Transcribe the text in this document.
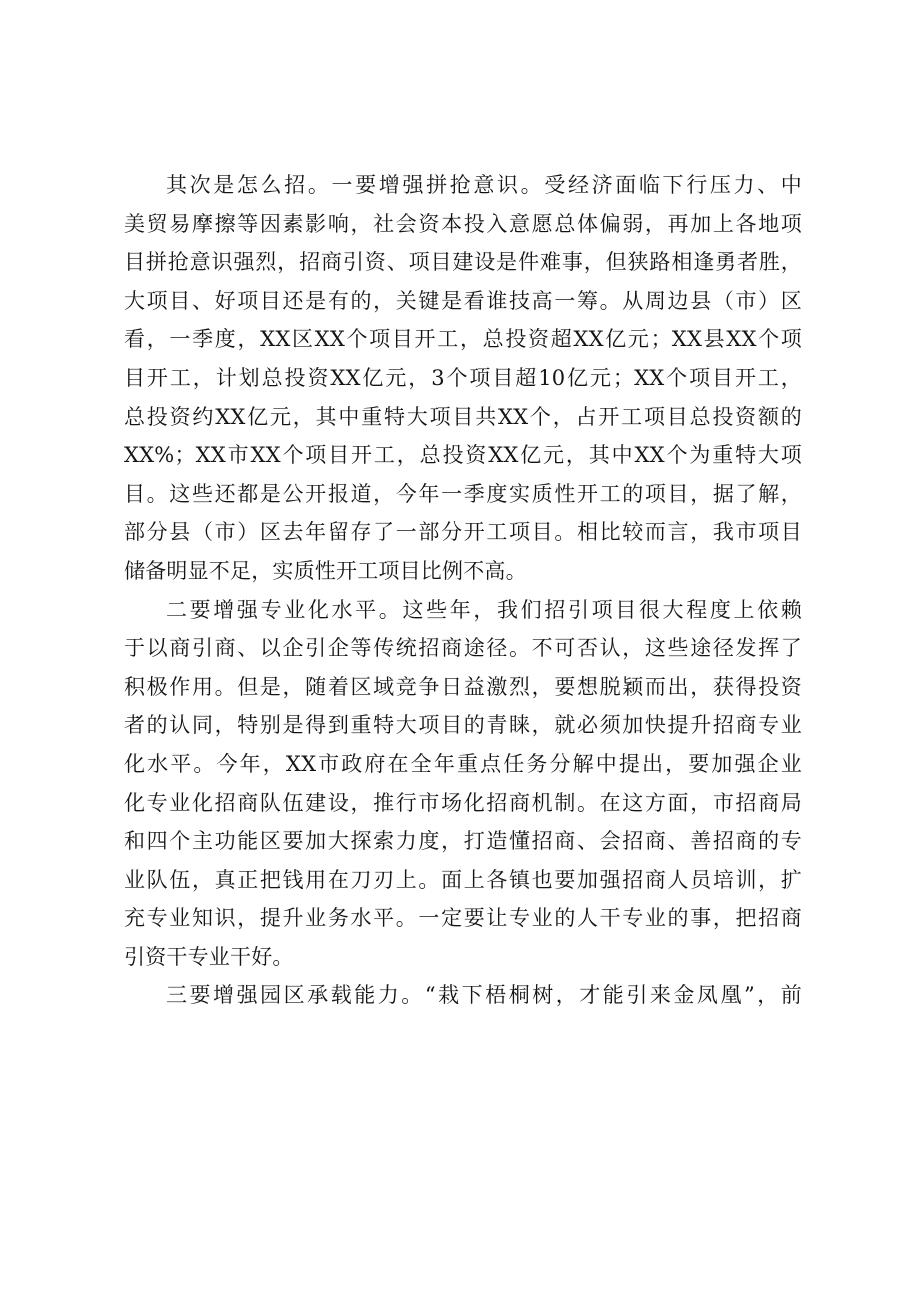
其次是怎么招。一要增强拼抢意识。受经济面临下行压力、中
美贸易摩擦等因素影响，社会资本投入意愿总体偏弱，再加上各地项
目拼抢意识强烈，招商引资、项目建设是件难事，但狭路相逢勇者胜，
大项目、好项目还是有的，关键是看谁技高一筹。从周边县（市）区
看，一季度，XX区XX个项目开工，总投资超XX亿元；XX县XX个项
目开工，计划总投资XX亿元，3个项目超10亿元；XX个项目开工，
总投资约XX亿元，其中重特大项目共XX个，占开工项目总投资额的
XX%；XX市XX个项目开工，总投资XX亿元，其中XX个为重特大项
目。这些还都是公开报道，今年一季度实质性开工的项目，据了解，
部分县（市）区去年留存了一部分开工项目。相比较而言，我市项目
储备明显不足，实质性开工项目比例不高。
二要增强专业化水平。这些年，我们招引项目很大程度上依赖
于以商引商、以企引企等传统招商途径。不可否认，这些途径发挥了
积极作用。但是，随着区域竞争日益激烈，要想脱颖而出，获得投资
者的认同，特别是得到重特大项目的青睐，就必须加快提升招商专业
化水平。今年，XX市政府在全年重点任务分解中提出，要加强企业
化专业化招商队伍建设，推行市场化招商机制。在这方面，市招商局
和四个主功能区要加大探索力度，打造懂招商、会招商、善招商的专
业队伍，真正把钱用在刀刃上。面上各镇也要加强招商人员培训，扩
充专业知识，提升业务水平。一定要让专业的人干专业的事，把招商
引资干专业干好。
三要增强园区承载能力。“栽下梧桐树，才能引来金凤凰”，前
